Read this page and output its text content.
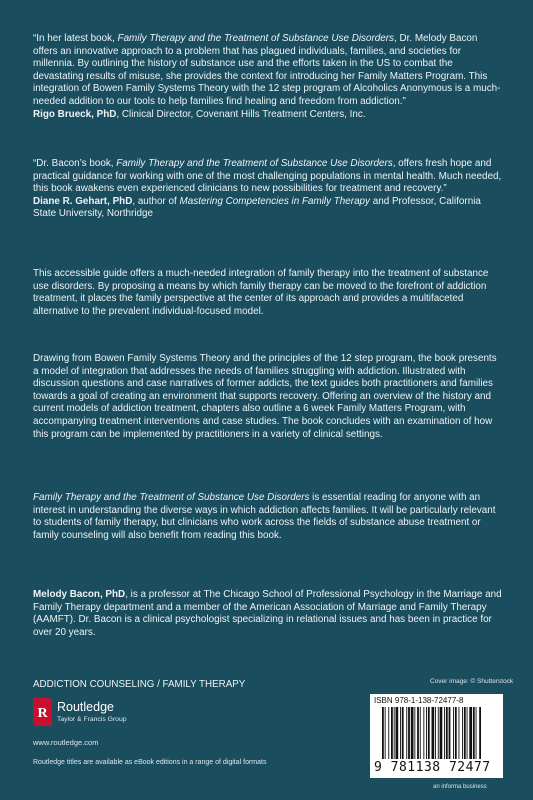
“In her latest book, Family Therapy and the Treatment of Substance Use Disorders, Dr. Melody Bacon offers an innovative approach to a problem that has plagued individuals, families, and societies for millennia. By outlining the history of substance use and the efforts taken in the US to combat the devastating results of misuse, she provides the context for introducing her Family Matters Program. This integration of Bowen Family Systems Theory with the 12 step program of Alcoholics Anonymous is a much-needed addition to our tools to help families find healing and freedom from addiction.”

Rigo Brueck, PhD, Clinical Director, Covenant Hills Treatment Centers, Inc.

“Dr. Bacon’s book, Family Therapy and the Treatment of Substance Use Disorders, offers fresh hope and practical guidance for working with one of the most challenging populations in mental health. Much needed, this book awakens even experienced clinicians to new possibilities for treatment and recovery.”

Diane R. Gehart, PhD, author of Mastering Competencies in Family Therapy and Professor, California State University, Northridge

This accessible guide offers a much-needed integration of family therapy into the treatment of substance use disorders. By proposing a means by which family therapy can be moved to the forefront of addiction treatment, it places the family perspective at the center of its approach and provides a multifaceted alternative to the prevalent individual-focused model.

Drawing from Bowen Family Systems Theory and the principles of the 12 step program, the book presents a model of integration that addresses the needs of families struggling with addiction. Illustrated with discussion questions and case narratives of former addicts, the text guides both practitioners and families towards a goal of creating an environment that supports recovery. Offering an overview of the history and current models of addiction treatment, chapters also outline a 6 week Family Matters Program, with accompanying treatment interventions and case studies. The book concludes with an examination of how this program can be implemented by practitioners in a variety of clinical settings.

Family Therapy and the Treatment of Substance Use Disorders is essential reading for anyone with an interest in understanding the diverse ways in which addiction affects families. It will be particularly relevant to students of family therapy, but clinicians who work across the fields of substance abuse treatment or family counseling will also benefit from reading this book.

Melody Bacon, PhD, is a professor at The Chicago School of Professional Psychology in the Marriage and Family Therapy department and a member of the American Association of Marriage and Family Therapy (AAMFT). Dr. Bacon is a clinical psychologist specializing in relational issues and has been in practice for over 20 years.

Cover image: © Shutterstock
ADDICTION COUNSELING / FAMILY THERAPY
R Routledge
Taylor & Francis Group
www.routledge.com
Routledge titles are available as eBook editions in a range of digital formats
ISBN 978-1-138-72477-8
9 781138 72477
an informa business
